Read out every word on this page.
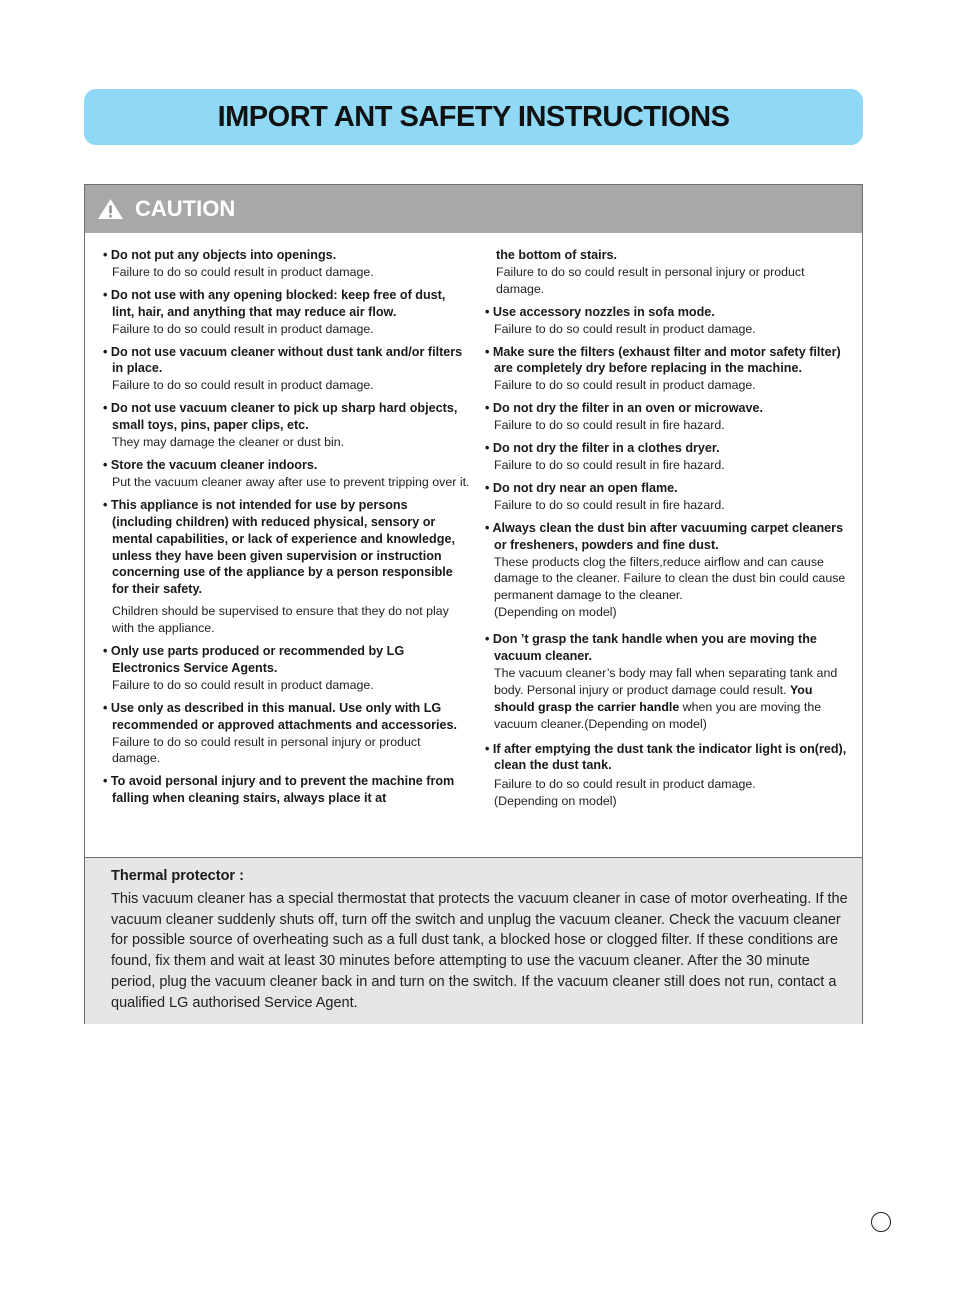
IMPORT ANT SAFETY INSTRUCTIONS
CAUTION
• Do not put any objects into openings.
Failure to do so could result in product damage.
• Do not use with any opening blocked: keep free of dust, lint, hair, and anything that may reduce air flow.
Failure to do so could result in product damage.
• Do not use vacuum cleaner without dust tank and/or filters in place.
Failure to do so could result in product damage.
• Do not use vacuum cleaner to pick up sharp hard objects, small toys, pins, paper clips, etc.
They may damage the cleaner or dust bin.
• Store the vacuum cleaner indoors.
Put the vacuum cleaner away after use to prevent tripping over it.
• This appliance is not intended for use by persons (including children) with reduced physical, sensory or mental capabilities, or lack of experience and knowledge, unless they have been given supervision or instruction concerning use of the appliance by a person responsible for their safety.
Children should be supervised to ensure that they do not play with the appliance.
• Only use parts produced or recommended by LG Electronics Service Agents.
Failure to do so could result in product damage.
• Use only as described in this manual. Use only with LG recommended or approved attachments and accessories.
Failure to do so could result in personal injury or product damage.
• To avoid personal injury and to prevent the machine from falling when cleaning stairs, always place it at
the bottom of stairs.
Failure to do so could result in personal injury or product damage.
• Use accessory nozzles in sofa mode.
Failure to do so could result in product damage.
• Make sure the filters (exhaust filter and motor safety filter) are completely dry before replacing in the machine.
Failure to do so could result in product damage.
• Do not dry the filter in an oven or microwave.
Failure to do so could result in fire hazard.
• Do not dry the filter in a clothes dryer.
Failure to do so could result in fire hazard.
• Do not dry near an open flame.
Failure to do so could result in fire hazard.
• Always clean the dust bin after vacuuming carpet cleaners or fresheners, powders and fine dust.
These products clog the filters,reduce airflow and can cause damage to the cleaner. Failure to clean the dust bin could cause permanent damage to the cleaner.
(Depending on model)
• Don ’t grasp the tank handle when you are moving the vacuum cleaner.
The vacuum cleaner’s body may fall when separating tank and body. Personal injury or product damage could result. You should grasp the carrier handle when you are moving the vacuum cleaner.(Depending on model)
• If after emptying the dust tank the indicator light is on(red), clean the dust tank.
Failure to do so could result in product damage.
(Depending on model)
Thermal protector :
This vacuum cleaner has a special thermostat that protects the vacuum cleaner in case of motor overheating. If the vacuum cleaner suddenly shuts off, turn off the switch and unplug the vacuum cleaner. Check the vacuum cleaner for possible source of overheating such as a full dust tank, a blocked hose or clogged filter. If these conditions are found, fix them and wait at least 30 minutes before attempting to use the vacuum cleaner. After the 30 minute period, plug the vacuum cleaner back in and turn on the switch. If the vacuum cleaner still does not run, contact a qualified LG authorised Service Agent.
